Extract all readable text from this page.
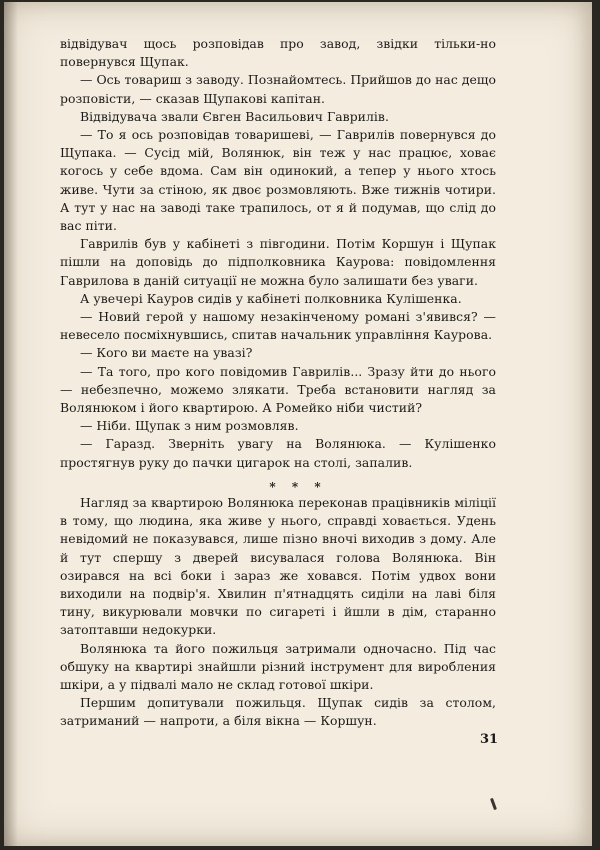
відвідувач щось розповідав про завод, звідки тільки-но повернувся Щупак.

— Ось товариш з заводу. Познайомтесь. Прийшов до нас дещо розповісти, — сказав Щупакові капітан.

Відвідувача звали Євген Васильович Гаврилів.

— То я ось розповідав товаришеві, — Гаврилів повернувся до Щупака. — Сусід мій, Волянюк, він теж у нас працює, ховає когось у себе вдома. Сам він одинокий, а тепер у нього хтось живе. Чути за стіною, як двоє розмовляють. Вже тижнів чотири. А тут у нас на заводі таке трапилось, от я й подумав, що слід до вас піти.

Гаврилів був у кабінеті з півгодини. Потім Коршун і Щупак пішли на доповідь до підполковника Каурова: повідомлення Гаврилова в даній ситуації не можна було залишати без уваги.

А увечері Кауров сидів у кабінеті полковника Кулішенка.

— Новий герой у нашому незакінченому романі з'явився? — невесело посміхнувшись, спитав начальник управління Каурова.

— Кого ви маєте на увазі?

— Та того, про кого повідомив Гаврилів... Зразу йти до нього — небезпечно, можемо злякати. Треба встановити нагляд за Волянюком і його квартирою. А Ромейко ніби чистий?

— Ніби. Щупак з ним розмовляв.

— Гаразд. Зверніть увагу на Волянюка. — Кулішенко простягнув руку до пачки цигарок на столі, запалив.

* * *

Нагляд за квартирою Волянюка переконав працівників міліції в тому, що людина, яка живе у нього, справді ховається. Удень невідомий не показувався, лише пізно вночі виходив з дому. Але й тут спершу з дверей висувалася голова Волянюка. Він озирався на всі боки і зараз же ховався. Потім удвох вони виходили на подвір'я. Хвилин п'ятнадцять сиділи на лаві біля тину, викурювали мовчки по сигареті і йшли в дім, старанно затоптавши недокурки.

Волянюка та його пожильця затримали одночасно. Під час обшуку на квартирі знайшли різний інструмент для виробления шкіри, а у підвалі мало не склад готової шкіри.

Першим допитували пожильця. Щупак сидів за столом, затриманий — напроти, а біля вікна — Коршун.

31
